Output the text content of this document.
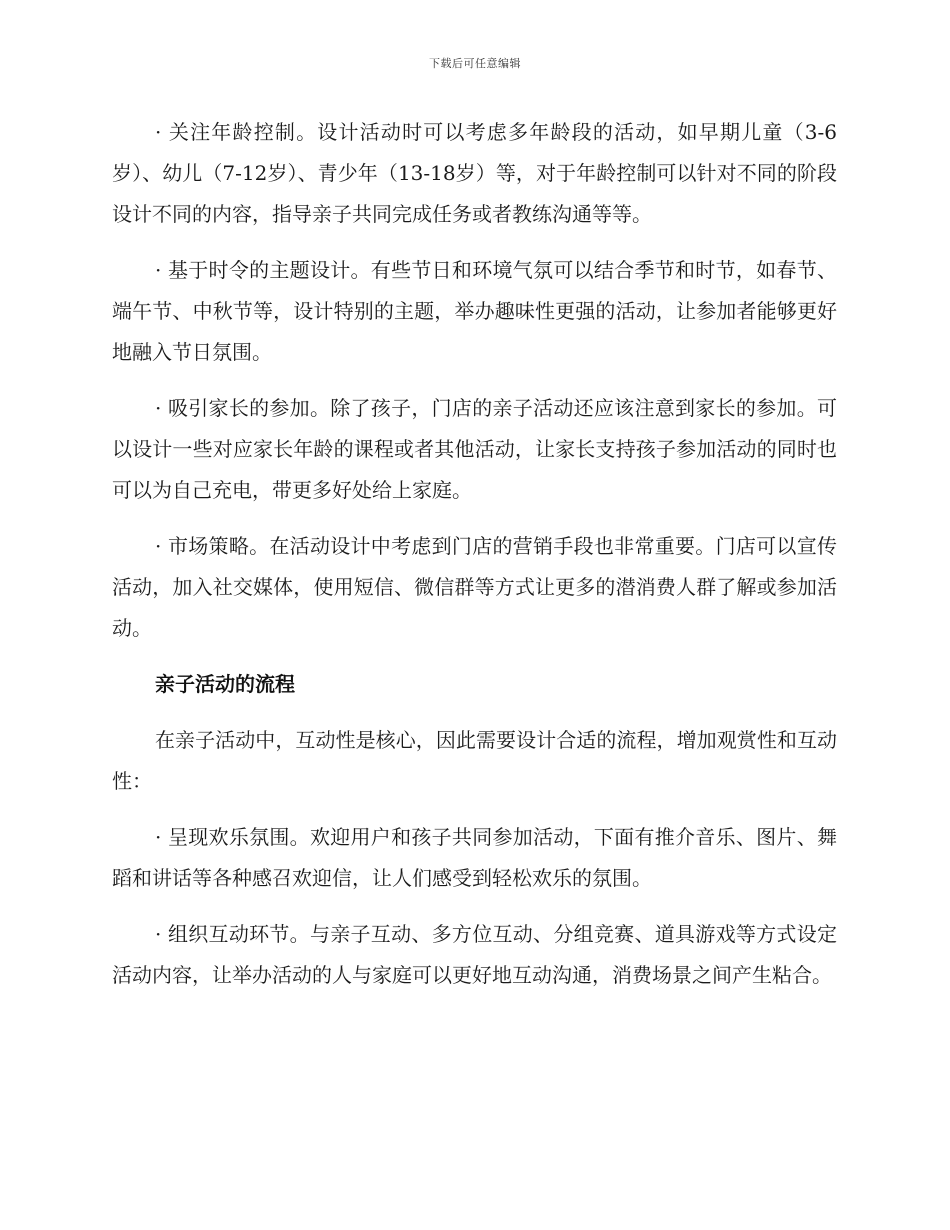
下载后可任意编辑

· 关注年龄控制。设计活动时可以考虑多年龄段的活动，如早期儿童（3-6岁）、幼儿（7-12岁）、青少年（13-18岁）等，对于年龄控制可以针对不同的阶段设计不同的内容，指导亲子共同完成任务或者教练沟通等等。

· 基于时令的主题设计。有些节日和环境气氛可以结合季节和时节，如春节、端午节、中秋节等，设计特别的主题，举办趣味性更强的活动，让参加者能够更好地融入节日氛围。

· 吸引家长的参加。除了孩子，门店的亲子活动还应该注意到家长的参加。可以设计一些对应家长年龄的课程或者其他活动，让家长支持孩子参加活动的同时也可以为自己充电，带更多好处给上家庭。

· 市场策略。在活动设计中考虑到门店的营销手段也非常重要。门店可以宣传活动，加入社交媒体，使用短信、微信群等方式让更多的潜消费人群了解或参加活动。

亲子活动的流程

在亲子活动中，互动性是核心，因此需要设计合适的流程，增加观赏性和互动性：

· 呈现欢乐氛围。欢迎用户和孩子共同参加活动，下面有推介音乐、图片、舞蹈和讲话等各种感召欢迎信，让人们感受到轻松欢乐的氛围。

· 组织互动环节。与亲子互动、多方位互动、分组竞赛、道具游戏等方式设定活动内容，让举办活动的人与家庭可以更好地互动沟通，消费场景之间产生粘合。
